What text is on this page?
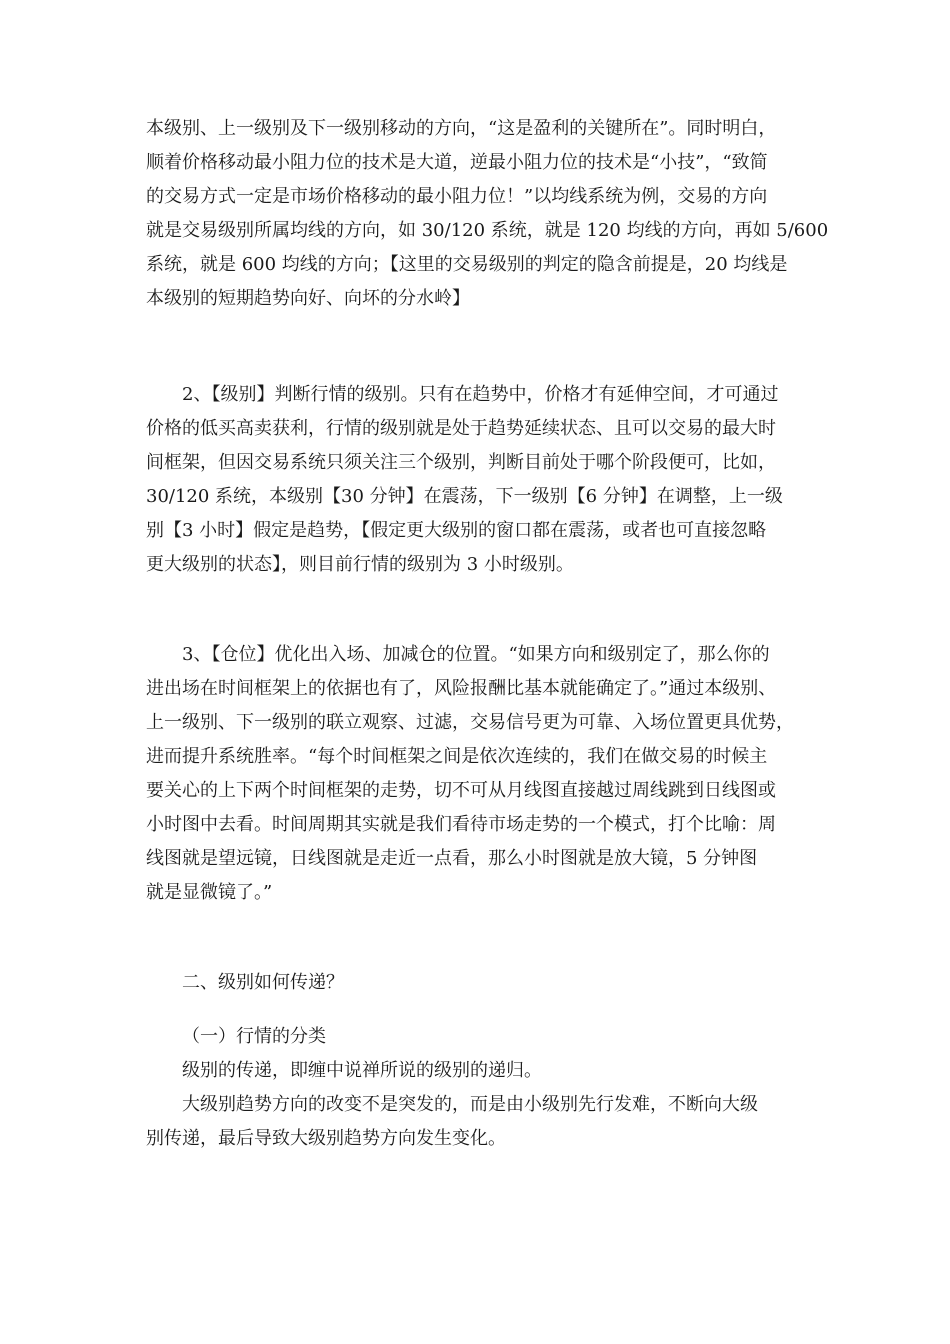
本级别、上一级别及下一级别移动的方向，“这是盈利的关键所在”。同时明白，
顺着价格移动最小阻力位的技术是大道，逆最小阻力位的技术是“小技”，“致简
的交易方式一定是市场价格移动的最小阻力位！”以均线系统为例，交易的方向
就是交易级别所属均线的方向，如 30/120 系统，就是 120 均线的方向，再如 5/600
系统，就是 600 均线的方向；【这里的交易级别的判定的隐含前提是，20 均线是
本级别的短期趋势向好、向坏的分水岭】
2、【级别】判断行情的级别。只有在趋势中，价格才有延伸空间，才可通过
价格的低买高卖获利，行情的级别就是处于趋势延续状态、且可以交易的最大时
间框架，但因交易系统只须关注三个级别，判断目前处于哪个阶段便可，比如，
30/120 系统，本级别【30 分钟】在震荡，下一级别【6 分钟】在调整，上一级
别【3 小时】假定是趋势，【假定更大级别的窗口都在震荡，或者也可直接忽略
更大级别的状态】，则目前行情的级别为 3 小时级别。
3、【仓位】优化出入场、加减仓的位置。“如果方向和级别定了，那么你的
进出场在时间框架上的依据也有了，风险报酬比基本就能确定了。”通过本级别、
上一级别、下一级别的联立观察、过滤，交易信号更为可靠、入场位置更具优势，
进而提升系统胜率。“每个时间框架之间是依次连续的，我们在做交易的时候主
要关心的上下两个时间框架的走势，切不可从月线图直接越过周线跳到日线图或
小时图中去看。时间周期其实就是我们看待市场走势的一个模式，打个比喻：周
线图就是望远镜，日线图就是走近一点看，那么小时图就是放大镜，5 分钟图
就是显微镜了。”
二、级别如何传递？
（一）行情的分类
级别的传递，即缠中说禅所说的级别的递归。
大级别趋势方向的改变不是突发的，而是由小级别先行发难，不断向大级
别传递，最后导致大级别趋势方向发生变化。
